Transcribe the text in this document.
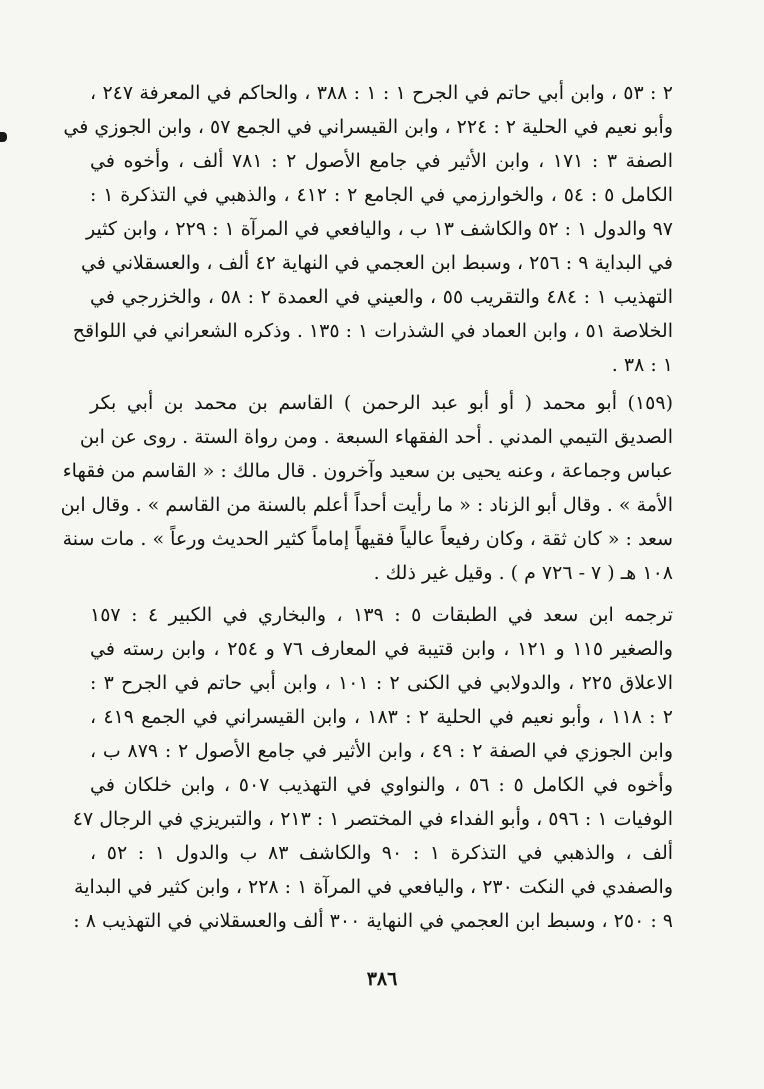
٢ : ٥٣ ، وابن أبي حاتم في الجرح ١ : ١ : ٣٨٨ ، والحاكم في المعرفة ٢٤٧ ،
وأبو نعيم في الحلية ٢ : ٢٢٤ ، وابن القيسراني في الجمع ٥٧ ، وابن الجوزي في
الصفة ٣ : ١٧١ ، وابن الأثير في جامع الأصول ٢ : ٧٨١ ألف ، وأخوه في
الكامل ٥ : ٥٤ ، والخوارزمي في الجامع ٢ : ٤١٢ ، والذهبي في التذكرة ١ :
٩٧ والدول ١ : ٥٢ والكاشف ١٣ ب ، واليافعي في المرآة ١ : ٢٢٩ ، وابن كثير
في البداية ٩ : ٢٥٦ ، وسبط ابن العجمي في النهاية ٤٢ ألف ، والعسقلاني في
التهذيب ١ : ٤٨٤ والتقريب ٥٥ ، والعيني في العمدة ٢ : ٥٨ ، والخزرجي في
الخلاصة ٥١ ، وابن العماد في الشذرات ١ : ١٣٥ . وذكره الشعراني في اللواقح
١ : ٣٨ .
(١٥٩) أبو محمد ( أو أبو عبد الرحمن ) القاسم بن محمد بن أبي بكر
الصديق التيمي المدني . أحد الفقهاء السبعة . ومن رواة الستة . روى عن ابن
عباس وجماعة ، وعنه يحيى بن سعيد وآخرون . قال مالك : « القاسم من فقهاء
الأمة » . وقال أبو الزناد : « ما رأيت أحداً أعلم بالسنة من القاسم » . وقال ابن
سعد : « كان ثقة ، وكان رفيعاً عالياً فقيهاً إماماً كثير الحديث ورعاً » . مات سنة
١٠٨ هـ ( ٧ - ٧٢٦ م ) . وقيل غير ذلك .
ترجمه ابن سعد في الطبقات ٥ : ١٣٩ ، والبخاري في الكبير ٤ : ١٥٧
والصغير ١١٥ و ١٢١ ، وابن قتيبة في المعارف ٧٦ و ٢٥٤ ، وابن رسته في
الاعلاق ٢٢٥ ، والدولابي في الكنى ٢ : ١٠١ ، وابن أبي حاتم في الجرح ٣ :
٢ : ١١٨ ، وأبو نعيم في الحلية ٢ : ١٨٣ ، وابن القيسراني في الجمع ٤١٩ ،
وابن الجوزي في الصفة ٢ : ٤٩ ، وابن الأثير في جامع الأصول ٢ : ٨٧٩ ب ،
وأخوه في الكامل ٥ : ٥٦ ، والنواوي في التهذيب ٥٠٧ ، وابن خلكان في
الوفيات ١ : ٥٩٦ ، وأبو الفداء في المختصر ١ : ٢١٣ ، والتبريزي في الرجال ٤٧
ألف ، والذهبي في التذكرة ١ : ٩٠ والكاشف ٨٣ ب والدول ١ : ٥٢ ،
والصفدي في النكت ٢٣٠ ، واليافعي في المرآة ١ : ٢٢٨ ، وابن كثير في البداية
٩ : ٢٥٠ ، وسبط ابن العجمي في النهاية ٣٠٠ ألف والعسقلاني في التهذيب ٨ :
٣٨٦
